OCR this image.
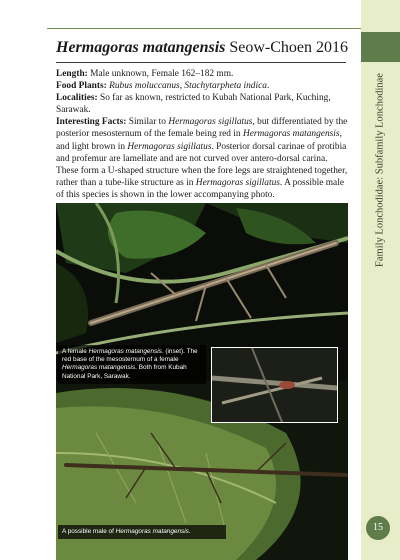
Family Lonchodidae: Subfamily Lonchodinae
15
Hermagoras matangensis Seow-Choen 2016

Length: Male unknown, Female 162–182 mm.

Food Plants: Rubus moluccanus, Stachytarpheta indica.

Localities: So far as known, restricted to Kubah National Park, Kuching, Sarawak.

Interesting Facts: Similar to Hermagoras sigillatus, but differentiated by the posterior mesosternum of the female being red in Hermagoras matangensis, and light brown in Hermagoras sigillatus. Posterior dorsal carinae of protibia and profemur are lamellate and are not curved over antero-dorsal carina. These form a U-shaped structure when the fore legs are straightened together, rather than a tube-like structure as in Hermagoras sigillatus. A possible male of this species is shown in the lower accompanying photo.

A female Hermagoras matangensis. (inset). The red base of the mesosternum of a female Hermagoras matangensis. Both from Kubah National Park, Sarawak.
A possible male of Hermagoras matangensis.
